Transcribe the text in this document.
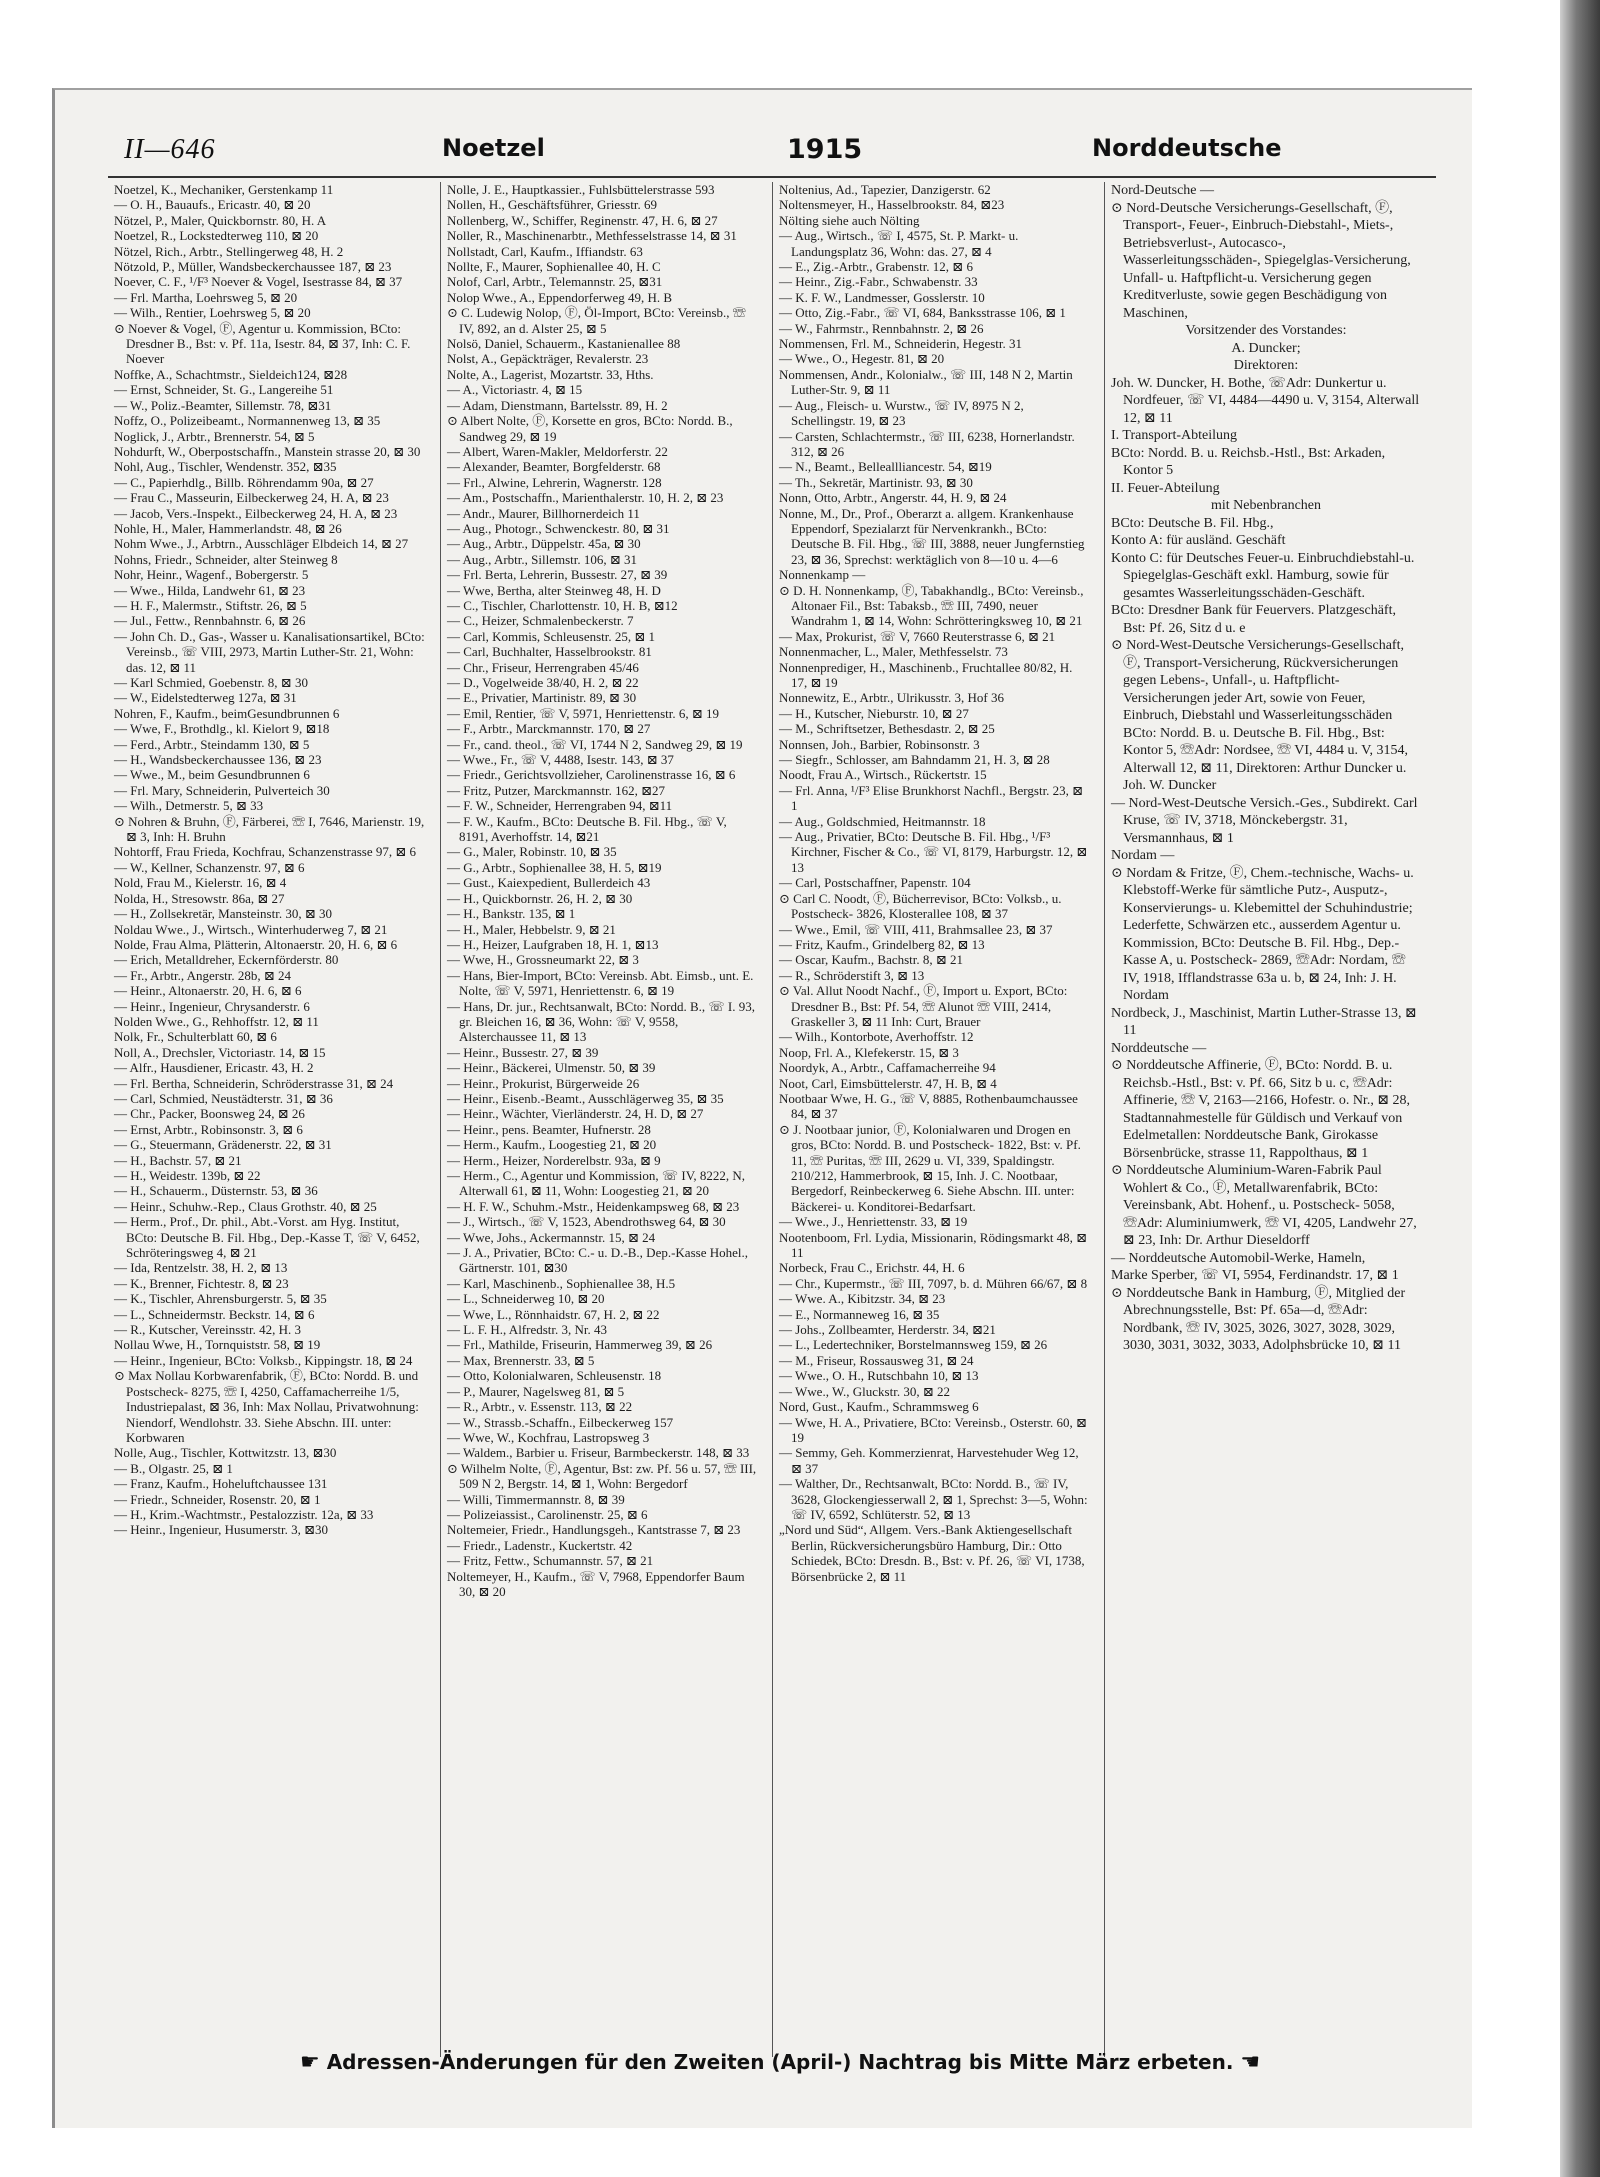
II—646	Noetzel	1915	Norddeutsche

Noetzel, K., Mechaniker, Gerstenkamp 11

— O. H., Bauaufs., Ericastr. 40, ⊠ 20

Nötzel, P., Maler, Quickbornstr. 80, H. A

Noetzel, R., Lockstedterweg 110, ⊠ 20

Nötzel, Rich., Arbtr., Stellingerweg 48, H. 2

Nötzold, P., Müller, Wandsbeckerchaussee 187, ⊠ 23

Noever, C. F., ¹/F³ Noever & Vogel, Isestrasse 84, ⊠ 37

— Frl. Martha, Loehrsweg 5, ⊠ 20

— Wilh., Rentier, Loehrsweg 5, ⊠ 20

⊙ Noever & Vogel, Ⓕ, Agentur u. Kommission, BCto: Dresdner B., Bst: v. Pf. 11a, Isestr. 84, ⊠ 37, Inh: C. F. Noever

Noffke, A., Schachtmstr., Sieldeich124, ⊠28

— Ernst, Schneider, St. G., Langereihe 51

— W., Poliz.-Beamter, Sillemstr. 78, ⊠31

Noffz, O., Polizeibeamt., Normannenweg 13, ⊠ 35

Noglick, J., Arbtr., Brennerstr. 54, ⊠ 5

Nohdurft, W., Oberpostschaffn., Manstein strasse 20, ⊠ 30

Nohl, Aug., Tischler, Wendenstr. 352, ⊠35

— C., Papierhdlg., Billb. Röhrendamm 90a, ⊠ 27

— Frau C., Masseurin, Eilbeckerweg 24, H. A, ⊠ 23

— Jacob, Vers.-Inspekt., Eilbeckerweg 24, H. A, ⊠ 23

Nohle, H., Maler, Hammerlandstr. 48, ⊠ 26

Nohm Wwe., J., Arbtrn., Ausschläger Elbdeich 14, ⊠ 27

Nohns, Friedr., Schneider, alter Steinweg 8

Nohr, Heinr., Wagenf., Bobergerstr. 5

— Wwe., Hilda, Landwehr 61, ⊠ 23

— H. F., Malermstr., Stiftstr. 26, ⊠ 5

— Jul., Fettw., Rennbahnstr. 6, ⊠ 26

— John Ch. D., Gas-, Wasser u. Kanalisationsartikel, BCto: Vereinsb., ☏ VIII, 2973, Martin Luther-Str. 21, Wohn: das. 12, ⊠ 11

— Karl Schmied, Goebenstr. 8, ⊠ 30

— W., Eidelstedterweg 127a, ⊠ 31

Nohren, F., Kaufm., beimGesundbrunnen 6

— Wwe, F., Brothdlg., kl. Kielort 9, ⊠18

— Ferd., Arbtr., Steindamm 130, ⊠ 5

— H., Wandsbeckerchaussee 136, ⊠ 23

— Wwe., M., beim Gesundbrunnen 6

— Frl. Mary, Schneiderin, Pulverteich 30

— Wilh., Detmerstr. 5, ⊠ 33

⊙ Nohren & Bruhn, Ⓕ, Färberei, ☏ I, 7646, Marienstr. 19, ⊠ 3, Inh: H. Bruhn

Nohtorff, Frau Frieda, Kochfrau, Schanzenstrasse 97, ⊠ 6

— W., Kellner, Schanzenstr. 97, ⊠ 6

Nold, Frau M., Kielerstr. 16, ⊠ 4

Nolda, H., Stresowstr. 86a, ⊠ 27

— H., Zollsekretär, Mansteinstr. 30, ⊠ 30

Noldau Wwe., J., Wirtsch., Winterhuderweg 7, ⊠ 21

Nolde, Frau Alma, Plätterin, Altonaerstr. 20, H. 6, ⊠ 6

— Erich, Metalldreher, Eckernförderstr. 80

— Fr., Arbtr., Angerstr. 28b, ⊠ 24

— Heinr., Altonaerstr. 20, H. 6, ⊠ 6

— Heinr., Ingenieur, Chrysanderstr. 6

Nolden Wwe., G., Rehhoffstr. 12, ⊠ 11

Nolk, Fr., Schulterblatt 60, ⊠ 6

Noll, A., Drechsler, Victoriastr. 14, ⊠ 15

— Alfr., Hausdiener, Ericastr. 43, H. 2

— Frl. Bertha, Schneiderin, Schröderstrasse 31, ⊠ 24

— Carl, Schmied, Neustädterstr. 31, ⊠ 36

— Chr., Packer, Boonsweg 24, ⊠ 26

— Ernst, Arbtr., Robinsonstr. 3, ⊠ 6

— G., Steuermann, Grädenerstr. 22, ⊠ 31

— H., Bachstr. 57, ⊠ 21

— H., Weidestr. 139b, ⊠ 22

— H., Schauerm., Düsternstr. 53, ⊠ 36

— Heinr., Schuhw.-Rep., Claus Grothstr. 40, ⊠ 25

— Herm., Prof., Dr. phil., Abt.-Vorst. am Hyg. Institut, BCto: Deutsche B. Fil. Hbg., Dep.-Kasse T, ☏ V, 6452, Schröteringsweg 4, ⊠ 21

— Ida, Rentzelstr. 38, H. 2, ⊠ 13

— K., Brenner, Fichtestr. 8, ⊠ 23

— K., Tischler, Ahrensburgerstr. 5, ⊠ 35

— L., Schneidermstr. Beckstr. 14, ⊠ 6

— R., Kutscher, Vereinsstr. 42, H. 3

Nollau Wwe, H., Tornquiststr. 58, ⊠ 19

— Heinr., Ingenieur, BCto: Volksb., Kippingstr. 18, ⊠ 24

⊙ Max Nollau Korbwarenfabrik, Ⓕ, BCto: Nordd. B. und Postscheck- 8275, ☏ I, 4250, Caffamacherreihe 1/5, Industriepalast, ⊠ 36, Inh: Max Nollau, Privatwohnung: Niendorf, Wendlohstr. 33. Siehe Abschn. III. unter: Korbwaren

Nolle, Aug., Tischler, Kottwitzstr. 13, ⊠30

— B., Olgastr. 25, ⊠ 1

— Franz, Kaufm., Hoheluftchaussee 131

— Friedr., Schneider, Rosenstr. 20, ⊠ 1

— H., Krim.-Wachtmstr., Pestalozzistr. 12a, ⊠ 33

— Heinr., Ingenieur, Husumerstr. 3, ⊠30

Nolle, J. E., Hauptkassier., Fuhlsbüttelerstrasse 593

Nollen, H., Geschäftsführer, Griesstr. 69

Nollenberg, W., Schiffer, Reginenstr. 47, H. 6, ⊠ 27

Noller, R., Maschinenarbtr., Methfesselstrasse 14, ⊠ 31

Nollstadt, Carl, Kaufm., Iffiandstr. 63

Nollte, F., Maurer, Sophienallee 40, H. C

Nolof, Carl, Arbtr., Telemannstr. 25, ⊠31

Nolop Wwe., A., Eppendorferweg 49, H. B

⊙ C. Ludewig Nolop, Ⓕ, Öl-Import, BCto: Vereinsb., ☏ IV, 892, an d. Alster 25, ⊠ 5

Nolsö, Daniel, Schauerm., Kastanienallee 88

Nolst, A., Gepäckträger, Revalerstr. 23

Nolte, A., Lagerist, Mozartstr. 33, Hths.

— A., Victoriastr. 4, ⊠ 15

— Adam, Dienstmann, Bartelsstr. 89, H. 2

⊙ Albert Nolte, Ⓕ, Korsette en gros, BCto: Nordd. B., Sandweg 29, ⊠ 19

— Albert, Waren-Makler, Meldorferstr. 22

— Alexander, Beamter, Borgfelderstr. 68

— Frl., Alwine, Lehrerin, Wagnerstr. 128

— Am., Postschaffn., Marienthalerstr. 10, H. 2, ⊠ 23

— Andr., Maurer, Billhornerdeich 11

— Aug., Photogr., Schwenckestr. 80, ⊠ 31

— Aug., Arbtr., Düppelstr. 45a, ⊠ 30

— Aug., Arbtr., Sillemstr. 106, ⊠ 31

— Frl. Berta, Lehrerin, Bussestr. 27, ⊠ 39

— Wwe, Bertha, alter Steinweg 48, H. D

— C., Tischler, Charlottenstr. 10, H. B, ⊠12

— C., Heizer, Schmalenbeckerstr. 7

— Carl, Kommis, Schleusenstr. 25, ⊠ 1

— Carl, Buchhalter, Hasselbrookstr. 81

— Chr., Friseur, Herrengraben 45/46

— D., Vogelweide 38/40, H. 2, ⊠ 22

— E., Privatier, Martinistr. 89, ⊠ 30

— Emil, Rentier, ☏ V, 5971, Henriettenstr. 6, ⊠ 19

— F., Arbtr., Marckmannstr. 170, ⊠ 27

— Fr., cand. theol., ☏ VI, 1744 N 2, Sandweg 29, ⊠ 19

— Wwe., Fr., ☏ V, 4488, Isestr. 143, ⊠ 37

— Friedr., Gerichtsvollzieher, Carolinenstrasse 16, ⊠ 6

— Fritz, Putzer, Marckmannstr. 162, ⊠27

— F. W., Schneider, Herrengraben 94, ⊠11

— F. W., Kaufm., BCto: Deutsche B. Fil. Hbg., ☏ V, 8191, Averhoffstr. 14, ⊠21

— G., Maler, Robinstr. 10, ⊠ 35

— G., Arbtr., Sophienallee 38, H. 5, ⊠19

— Gust., Kaiexpedient, Bullerdeich 43

— H., Quickbornstr. 26, H. 2, ⊠ 30

— H., Bankstr. 135, ⊠ 1

— H., Maler, Hebbelstr. 9, ⊠ 21

— H., Heizer, Laufgraben 18, H. 1, ⊠13

— Wwe, H., Grossneumarkt 22, ⊠ 3

— Hans, Bier-Import, BCto: Vereinsb. Abt. Eimsb., unt. E. Nolte, ☏ V, 5971, Henriettenstr. 6, ⊠ 19

— Hans, Dr. jur., Rechtsanwalt, BCto: Nordd. B., ☏ I. 93, gr. Bleichen 16, ⊠ 36, Wohn: ☏ V, 9558, Alsterchaussee 11, ⊠ 13

— Heinr., Bussestr. 27, ⊠ 39

— Heinr., Bäckerei, Ulmenstr. 50, ⊠ 39

— Heinr., Prokurist, Bürgerweide 26

— Heinr., Eisenb.-Beamt., Ausschlägerweg 35, ⊠ 35

— Heinr., Wächter, Vierländerstr. 24, H. D, ⊠ 27

— Heinr., pens. Beamter, Hufnerstr. 28

— Herm., Kaufm., Loogestieg 21, ⊠ 20

— Herm., Heizer, Norderelbstr. 93a, ⊠ 9

— Herm., C., Agentur und Kommission, ☏ IV, 8222, N, Alterwall 61, ⊠ 11, Wohn: Loogestieg 21, ⊠ 20

— H. F. W., Schuhm.-Mstr., Heidenkampsweg 68, ⊠ 23

— J., Wirtsch., ☏ V, 1523, Abendrothsweg 64, ⊠ 30

— Wwe, Johs., Ackermannstr. 15, ⊠ 24

— J. A., Privatier, BCto: C.- u. D.-B., Dep.-Kasse Hohel., Gärtnerstr. 101, ⊠30

— Karl, Maschinenb., Sophienallee 38, H.5

— L., Schneiderweg 10, ⊠ 20

— Wwe, L., Rönnhaidstr. 67, H. 2, ⊠ 22

— L. F. H., Alfredstr. 3, Nr. 43

— Frl., Mathilde, Friseurin, Hammerweg 39, ⊠ 26

— Max, Brennerstr. 33, ⊠ 5

— Otto, Kolonialwaren, Schleusenstr. 18

— P., Maurer, Nagelsweg 81, ⊠ 5

— R., Arbtr., v. Essenstr. 113, ⊠ 22

— W., Strassb.-Schaffn., Eilbeckerweg 157

— Wwe, W., Kochfrau, Lastropsweg 3

— Waldem., Barbier u. Friseur, Barmbeckerstr. 148, ⊠ 33

⊙ Wilhelm Nolte, Ⓕ, Agentur, Bst: zw. Pf. 56 u. 57, ☏ III, 509 N 2, Bergstr. 14, ⊠ 1, Wohn: Bergedorf

— Willi, Timmermannstr. 8, ⊠ 39

— Polizeiassist., Carolinenstr. 25, ⊠ 6

Noltemeier, Friedr., Handlungsgeh., Kantstrasse 7, ⊠ 23

— Friedr., Ladenstr., Kuckertstr. 42

— Fritz, Fettw., Schumannstr. 57, ⊠ 21

Noltemeyer, H., Kaufm., ☏ V, 7968, Eppendorfer Baum 30, ⊠ 20

Noltenius, Ad., Tapezier, Danzigerstr. 62

Noltensmeyer, H., Hasselbrookstr. 84, ⊠23

Nölting siehe auch Nölting

— Aug., Wirtsch., ☏ I, 4575, St. P. Markt- u. Landungsplatz 36, Wohn: das. 27, ⊠ 4

— E., Zig.-Arbtr., Grabenstr. 12, ⊠ 6

— Heinr., Zig.-Fabr., Schwabenstr. 33

— K. F. W., Landmesser, Gosslerstr. 10

— Otto, Zig.-Fabr., ☏ VI, 684, Banksstrasse 106, ⊠ 1

— W., Fahrmstr., Rennbahnstr. 2, ⊠ 26

Nommensen, Frl. M., Schneiderin, Hegestr. 31

— Wwe., O., Hegestr. 81, ⊠ 20

Nommensen, Andr., Kolonialw., ☏ III, 148 N 2, Martin Luther-Str. 9, ⊠ 11

— Aug., Fleisch- u. Wurstw., ☏ IV, 8975 N 2, Schellingstr. 19, ⊠ 23

— Carsten, Schlachtermstr., ☏ III, 6238, Hornerlandstr. 312, ⊠ 26

— N., Beamt., Belleallliancestr. 54, ⊠19

— Th., Sekretär, Martinistr. 93, ⊠ 30

Nonn, Otto, Arbtr., Angerstr. 44, H. 9, ⊠ 24

Nonne, M., Dr., Prof., Oberarzt a. allgem. Krankenhause Eppendorf, Spezialarzt für Nervenkrankh., BCto: Deutsche B. Fil. Hbg., ☏ III, 3888, neuer Jungfernstieg 23, ⊠ 36, Sprechst: werktäglich von 8—10 u. 4—6

Nonnenkamp —

⊙ D. H. Nonnenkamp, Ⓕ, Tabakhandlg., BCto: Vereinsb., Altonaer Fil., Bst: Tabaksb., ☏ III, 7490, neuer Wandrahm 1, ⊠ 14, Wohn: Schrötteringksweg 10, ⊠ 21

— Max, Prokurist, ☏ V, 7660 Reuterstrasse 6, ⊠ 21

Nonnenmacher, L., Maler, Methfesselstr. 73

Nonnenprediger, H., Maschinenb., Fruchtallee 80/82, H. 17, ⊠ 19

Nonnewitz, E., Arbtr., Ulrikusstr. 3, Hof 36

— H., Kutscher, Nieburstr. 10, ⊠ 27

— M., Schriftsetzer, Bethesdastr. 2, ⊠ 25

Nonnsen, Joh., Barbier, Robinsonstr. 3

— Siegfr., Schlosser, am Bahndamm 21, H. 3, ⊠ 28

Noodt, Frau A., Wirtsch., Rückertstr. 15

— Frl. Anna, ¹/F³ Elise Brunkhorst Nachfl., Bergstr. 23, ⊠ 1

— Aug., Goldschmied, Heitmannstr. 18

— Aug., Privatier, BCto: Deutsche B. Fil. Hbg., ¹/F³ Kirchner, Fischer & Co., ☏ VI, 8179, Harburgstr. 12, ⊠ 13

— Carl, Postschaffner, Papenstr. 104

⊙ Carl C. Noodt, Ⓕ, Bücherrevisor, BCto: Volksb., u. Postscheck- 3826, Klosterallee 108, ⊠ 37

— Wwe., Emil, ☏ VIII, 411, Brahmsallee 23, ⊠ 37

— Fritz, Kaufm., Grindelberg 82, ⊠ 13

— Oscar, Kaufm., Bachstr. 8, ⊠ 21

— R., Schröderstift 3, ⊠ 13

⊙ Val. Allut Noodt Nachf., Ⓕ, Import u. Export, BCto: Dresdner B., Bst: Pf. 54, ☏ Alunot ☏ VIII, 2414, Graskeller 3, ⊠ 11 Inh: Curt, Brauer

— Wilh., Kontorbote, Averhoffstr. 12

Noop, Frl. A., Klefekerstr. 15, ⊠ 3

Noordyk, A., Arbtr., Caffamacherreihe 94

Noot, Carl, Eimsbüttelerstr. 47, H. B, ⊠ 4

Nootbaar Wwe, H. G., ☏ V, 8885, Rothenbaumchaussee 84, ⊠ 37

⊙ J. Nootbaar junior, Ⓕ, Kolonialwaren und Drogen en gros, BCto: Nordd. B. und Postscheck- 1822, Bst: v. Pf. 11, ☏ Puritas, ☏ III, 2629 u. VI, 339, Spaldingstr. 210/212, Hammerbrook, ⊠ 15, Inh. J. C. Nootbaar, Bergedorf, Reinbeckerweg 6. Siehe Abschn. III. unter: Bäckerei- u. Konditorei-Bedarfsart.

— Wwe., J., Henriettenstr. 33, ⊠ 19

Nootenboom, Frl. Lydia, Missionarin, Rödingsmarkt 48, ⊠ 11

Norbeck, Frau C., Erichstr. 44, H. 6

— Chr., Kupermstr., ☏ III, 7097, b. d. Mühren 66/67, ⊠ 8

— Wwe. A., Kibitzstr. 34, ⊠ 23

— E., Normanneweg 16, ⊠ 35

— Johs., Zollbeamter, Herderstr. 34, ⊠21

— L., Ledertechniker, Borstelmannsweg 159, ⊠ 26

— M., Friseur, Rossausweg 31, ⊠ 24

— Wwe., O. H., Rutschbahn 10, ⊠ 13

— Wwe., W., Gluckstr. 30, ⊠ 22

Nord, Gust., Kaufm., Schrammsweg 6

— Wwe, H. A., Privatiere, BCto: Vereinsb., Osterstr. 60, ⊠ 19

— Semmy, Geh. Kommerzienrat, Harvestehuder Weg 12, ⊠ 37

— Walther, Dr., Rechtsanwalt, BCto: Nordd. B., ☏ IV, 3628, Glockengiesserwall 2, ⊠ 1, Sprechst: 3—5, Wohn: ☏ IV, 6592, Schlüterstr. 52, ⊠ 13

„Nord und Süd“, Allgem. Vers.-Bank Aktiengesellschaft Berlin, Rückversicherungsbüro Hamburg, Dir.: Otto Schiedek, BCto: Dresdn. B., Bst: v. Pf. 26, ☏ VI, 1738, Börsenbrücke 2, ⊠ 11

Nord-Deutsche —

⊙ Nord-Deutsche Versicherungs-Gesellschaft, Ⓕ, Transport-, Feuer-, Einbruch-Diebstahl-, Miets-, Betriebsverlust-, Autocasco-, Wasserleitungsschäden-, Spiegelglas-Versicherung, Unfall- u. Haftpflicht-u. Versicherung gegen Kreditverluste, sowie gegen Beschädigung von Maschinen,

Vorsitzender des Vorstandes:

A. Duncker;

Direktoren:

Joh. W. Duncker, H. Bothe, ☏Adr: Dunkertur u. Nordfeuer, ☏ VI, 4484—4490 u. V, 3154, Alterwall 12, ⊠ 11

I. Transport-Abteilung

BCto: Nordd. B. u. Reichsb.-Hstl., Bst: Arkaden, Kontor 5

II. Feuer-Abteilung

mit Nebenbranchen

BCto: Deutsche B. Fil. Hbg.,

Konto A: für ausländ. Geschäft

Konto C: für Deutsches Feuer-u. Einbruchdiebstahl-u. Spiegelglas-Geschäft exkl. Hamburg, sowie für gesamtes Wasserleitungsschäden-Geschäft.

BCto: Dresdner Bank für Feuervers. Platzgeschäft, Bst: Pf. 26, Sitz d u. e

⊙ Nord-West-Deutsche Versicherungs-Gesellschaft, Ⓕ, Transport-Versicherung, Rückversicherungen gegen Lebens-, Unfall-, u. Haftpflicht-Versicherungen jeder Art, sowie von Feuer, Einbruch, Diebstahl und Wasserleitungsschäden BCto: Nordd. B. u. Deutsche B. Fil. Hbg., Bst: Kontor 5, ☏Adr: Nordsee, ☏ VI, 4484 u. V, 3154, Alterwall 12, ⊠ 11, Direktoren: Arthur Duncker u. Joh. W. Duncker

— Nord-West-Deutsche Versich.-Ges., Subdirekt. Carl Kruse, ☏ IV, 3718, Mönckebergstr. 31, Versmannhaus, ⊠ 1

Nordam —

⊙ Nordam & Fritze, Ⓕ, Chem.-technische, Wachs- u. Klebstoff-Werke für sämtliche Putz-, Ausputz-, Konservierungs- u. Klebemittel der Schuhindustrie; Lederfette, Schwärzen etc., ausserdem Agentur u. Kommission, BCto: Deutsche B. Fil. Hbg., Dep.-Kasse A, u. Postscheck- 2869, ☏Adr: Nordam, ☏ IV, 1918, Ifflandstrasse 63a u. b, ⊠ 24, Inh: J. H. Nordam

Nordbeck, J., Maschinist, Martin Luther-Strasse 13, ⊠ 11

Norddeutsche —

⊙ Norddeutsche Affinerie, Ⓕ, BCto: Nordd. B. u. Reichsb.-Hstl., Bst: v. Pf. 66, Sitz b u. c, ☏Adr: Affinerie, ☏ V, 2163—2166, Hofestr. o. Nr., ⊠ 28, Stadtannahmestelle für Güldisch und Verkauf von Edelmetallen: Norddeutsche Bank, Girokasse Börsenbrücke, strasse 11, Rappolthaus, ⊠ 1

⊙ Norddeutsche Aluminium-Waren-Fabrik Paul Wohlert & Co., Ⓕ, Metallwarenfabrik, BCto: Vereinsbank, Abt. Hohenf., u. Postscheck- 5058, ☏Adr: Aluminiumwerk, ☏ VI, 4205, Landwehr 27, ⊠ 23, Inh: Dr. Arthur Dieseldorff

— Norddeutsche Automobil-Werke, Hameln,

Marke Sperber, ☏ VI, 5954, Ferdinandstr. 17, ⊠ 1

⊙ Norddeutsche Bank in Hamburg, Ⓕ, Mitglied der Abrechnungsstelle, Bst: Pf. 65a—d, ☏Adr: Nordbank, ☏ IV, 3025, 3026, 3027, 3028, 3029, 3030, 3031, 3032, 3033, Adolphsbrücke 10, ⊠ 11

☛ Adressen-Änderungen für den Zweiten (April-) Nachtrag bis Mitte März erbeten. ☚
